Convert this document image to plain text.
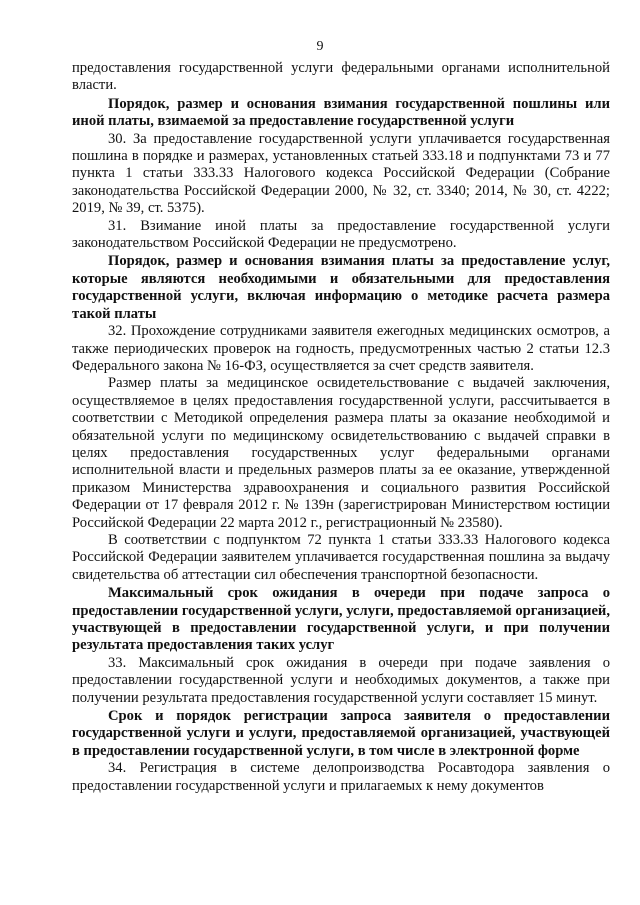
9

предоставления государственной услуги федеральными органами исполнительной власти.

Порядок, размер и основания взимания государственной пошлины или иной платы, взимаемой за предоставление государственной услуги

30. За предоставление государственной услуги уплачивается государственная пошлина в порядке и размерах, установленных статьей 333.18 и подпунктами 73 и 77 пункта 1 статьи 333.33 Налогового кодекса Российской Федерации (Собрание законодательства Российской Федерации 2000, № 32, ст. 3340; 2014, № 30, ст. 4222; 2019, № 39, ст. 5375).

31. Взимание иной платы за предоставление государственной услуги законодательством Российской Федерации не предусмотрено.

Порядок, размер и основания взимания платы за предоставление услуг, которые являются необходимыми и обязательными для предоставления государственной услуги, включая информацию о методике расчета размера такой платы

32. Прохождение сотрудниками заявителя ежегодных медицинских осмотров, а также периодических проверок на годность, предусмотренных частью 2 статьи 12.3 Федерального закона № 16-ФЗ, осуществляется за счет средств заявителя.

Размер платы за медицинское освидетельствование с выдачей заключения, осуществляемое в целях предоставления государственной услуги, рассчитывается в соответствии с Методикой определения размера платы за оказание необходимой и обязательной услуги по медицинскому освидетельствованию с выдачей справки в целях предоставления государственных услуг федеральными органами исполнительной власти и предельных размеров платы за ее оказание, утвержденной приказом Министерства здравоохранения и социального развития Российской Федерации от 17 февраля 2012 г. № 139н (зарегистрирован Министерством юстиции Российской Федерации 22 марта 2012 г., регистрационный № 23580).

В соответствии с подпунктом 72 пункта 1 статьи 333.33 Налогового кодекса Российской Федерации заявителем уплачивается государственная пошлина за выдачу свидетельства об аттестации сил обеспечения транспортной безопасности.

Максимальный срок ожидания в очереди при подаче запроса о предоставлении государственной услуги, услуги, предоставляемой организацией, участвующей в предоставлении государственной услуги, и при получении результата предоставления таких услуг

33. Максимальный срок ожидания в очереди при подаче заявления о предоставлении государственной услуги и необходимых документов, а также при получении результата предоставления государственной услуги составляет 15 минут.

Срок и порядок регистрации запроса заявителя о предоставлении государственной услуги и услуги, предоставляемой организацией, участвующей в предоставлении государственной услуги, в том числе в электронной форме

34. Регистрация в системе делопроизводства Росавтодора заявления о предоставлении государственной услуги и прилагаемых к нему документов
